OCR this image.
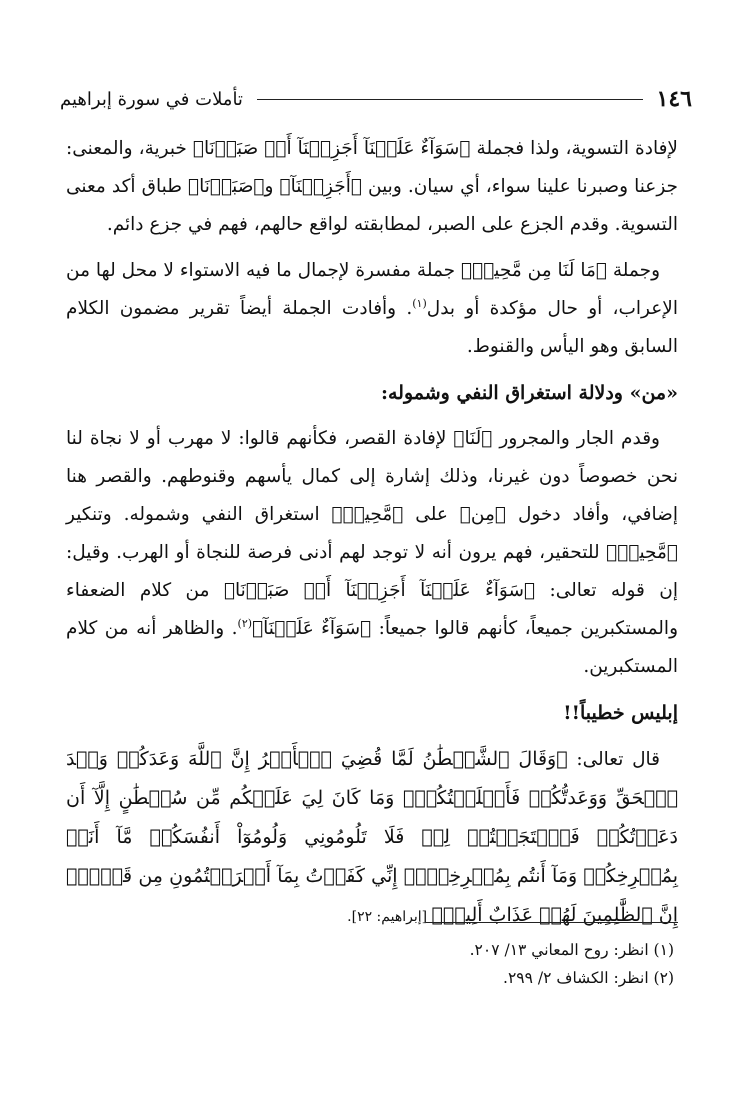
١٤٦
تأملات في سورة إبراهيم

لإفادة التسوية، ولذا فجملة ﴿سَوَآءٌ عَلَيۡنَآ أَجَزِعۡنَآ أَمۡ صَبَرۡنَا﴾ خبرية، والمعنى: جزعنا وصبرنا علينا سواء، أي سيان. وبين ﴿أَجَزِعۡنَآ﴾ و﴿صَبَرۡنَا﴾ طباق أكد معنى التسوية. وقدم الجزع على الصبر، لمطابقته لواقع حالهم، فهم في جزع دائم.

وجملة ﴿مَا لَنَا مِن مَّحِيصٖ﴾ جملة مفسرة لإجمال ما فيه الاستواء لا محل لها من الإعراب، أو حال مؤكدة أو بدل$^{(١)}$. وأفادت الجملة أيضاً تقرير مضمون الكلام السابق وهو اليأس والقنوط.

«من» ودلالة استغراق النفي وشموله:

وقدم الجار والمجرور ﴿لَنَا﴾ لإفادة القصر، فكأنهم قالوا: لا مهرب أو لا نجاة لنا نحن خصوصاً دون غيرنا، وذلك إشارة إلى كمال يأسهم وقنوطهم. والقصر هنا إضافي، وأفاد دخول ﴿مِن﴾ على ﴿مَّحِيصٖ﴾ استغراق النفي وشموله. وتنكير ﴿مَّحِيصٖ﴾ للتحقير، فهم يرون أنه لا توجد لهم أدنى فرصة للنجاة أو الهرب. وقيل: إن قوله تعالى: ﴿سَوَآءٌ عَلَيۡنَآ أَجَزِعۡنَآ أَمۡ صَبَرۡنَا﴾ من كلام الضعفاء والمستكبرين جميعاً، كأنهم قالوا جميعاً: ﴿سَوَآءٌ عَلَيۡنَآ﴾$^{(٢)}$. والظاهر أنه من كلام المستكبرين.

إبليس خطيباً!!

قال تعالى: ﴿وَقَالَ ٱلشَّيۡطَٰنُ لَمَّا قُضِيَ ٱلۡأَمۡرُ إِنَّ ٱللَّهَ وَعَدَكُمۡ وَعۡدَ ٱلۡحَقِّ وَوَعَدتُّكُمۡ فَأَخۡلَفۡتُكُمۡۖ وَمَا كَانَ لِيَ عَلَيۡكُم مِّن سُلۡطَٰنٍ إِلَّآ أَن دَعَوۡتُكُمۡ فَٱسۡتَجَبۡتُمۡ لِيۖ فَلَا تَلُومُونِي وَلُومُوٓاْ أَنفُسَكُمۖ مَّآ أَنَا۠ بِمُصۡرِخِكُمۡ وَمَآ أَنتُم بِمُصۡرِخِيَّۖ إِنِّي كَفَرۡتُ بِمَآ أَشۡرَكۡتُمُونِ مِن قَبۡلُۗ إِنَّ ٱلظَّٰلِمِينَ لَهُمۡ عَذَابٌ أَلِيمٞ﴾ [إبراهيم: ٢٢].

(١) انظر: روح المعاني ١٣/ ٢٠٧.
(٢) انظر: الكشاف ٢/ ٢٩٩.
